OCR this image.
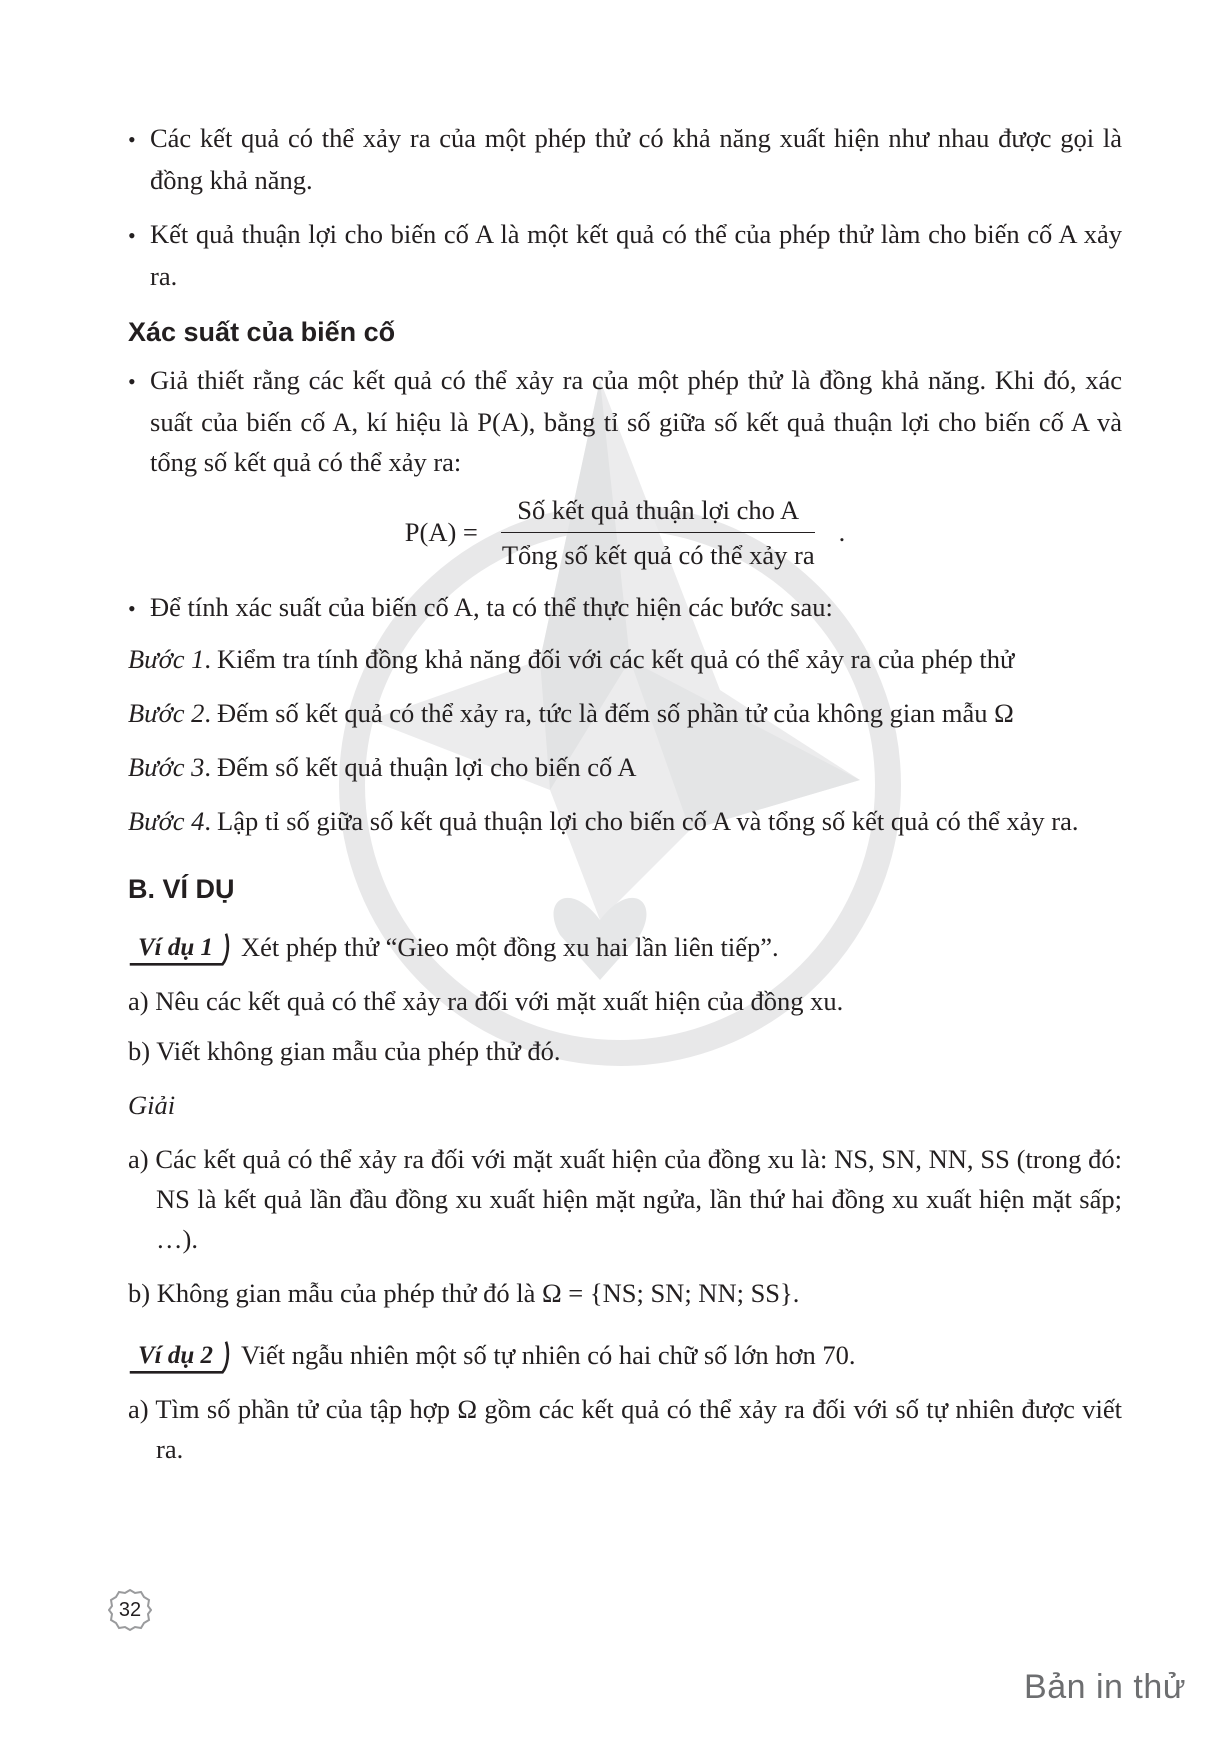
• Các kết quả có thể xảy ra của một phép thử có khả năng xuất hiện như nhau được gọi là đồng khả năng.
• Kết quả thuận lợi cho biến cố A là một kết quả có thể của phép thử làm cho biến cố A xảy ra.
Xác suất của biến cố
• Giả thiết rằng các kết quả có thể xảy ra của một phép thử là đồng khả năng. Khi đó, xác suất của biến cố A, kí hiệu là P(A), bằng tỉ số giữa số kết quả thuận lợi cho biến cố A và tổng số kết quả có thể xảy ra:
$P(A) = \frac{\text{Số kết quả thuận lợi cho A}}{\text{Tổng số kết quả có thể xảy ra}}$ .
• Để tính xác suất của biến cố A, ta có thể thực hiện các bước sau:
Bước 1. Kiểm tra tính đồng khả năng đối với các kết quả có thể xảy ra của phép thử
Bước 2. Đếm số kết quả có thể xảy ra, tức là đếm số phần tử của không gian mẫu Ω
Bước 3. Đếm số kết quả thuận lợi cho biến cố A
Bước 4. Lập tỉ số giữa số kết quả thuận lợi cho biến cố A và tổng số kết quả có thể xảy ra.
B. VÍ DỤ
Ví dụ 1	Xét phép thử “Gieo một đồng xu hai lần liên tiếp”.
a) Nêu các kết quả có thể xảy ra đối với mặt xuất hiện của đồng xu.
b) Viết không gian mẫu của phép thử đó.
Giải
a) Các kết quả có thể xảy ra đối với mặt xuất hiện của đồng xu là: NS, SN, NN, SS (trong đó: NS là kết quả lần đầu đồng xu xuất hiện mặt ngửa, lần thứ hai đồng xu xuất hiện mặt sấp; …).
b) Không gian mẫu của phép thử đó là Ω = {NS; SN; NN; SS}.
Ví dụ 2	Viết ngẫu nhiên một số tự nhiên có hai chữ số lớn hơn 70.
a) Tìm số phần tử của tập hợp Ω gồm các kết quả có thể xảy ra đối với số tự nhiên được viết ra.
32
Bản in thử
